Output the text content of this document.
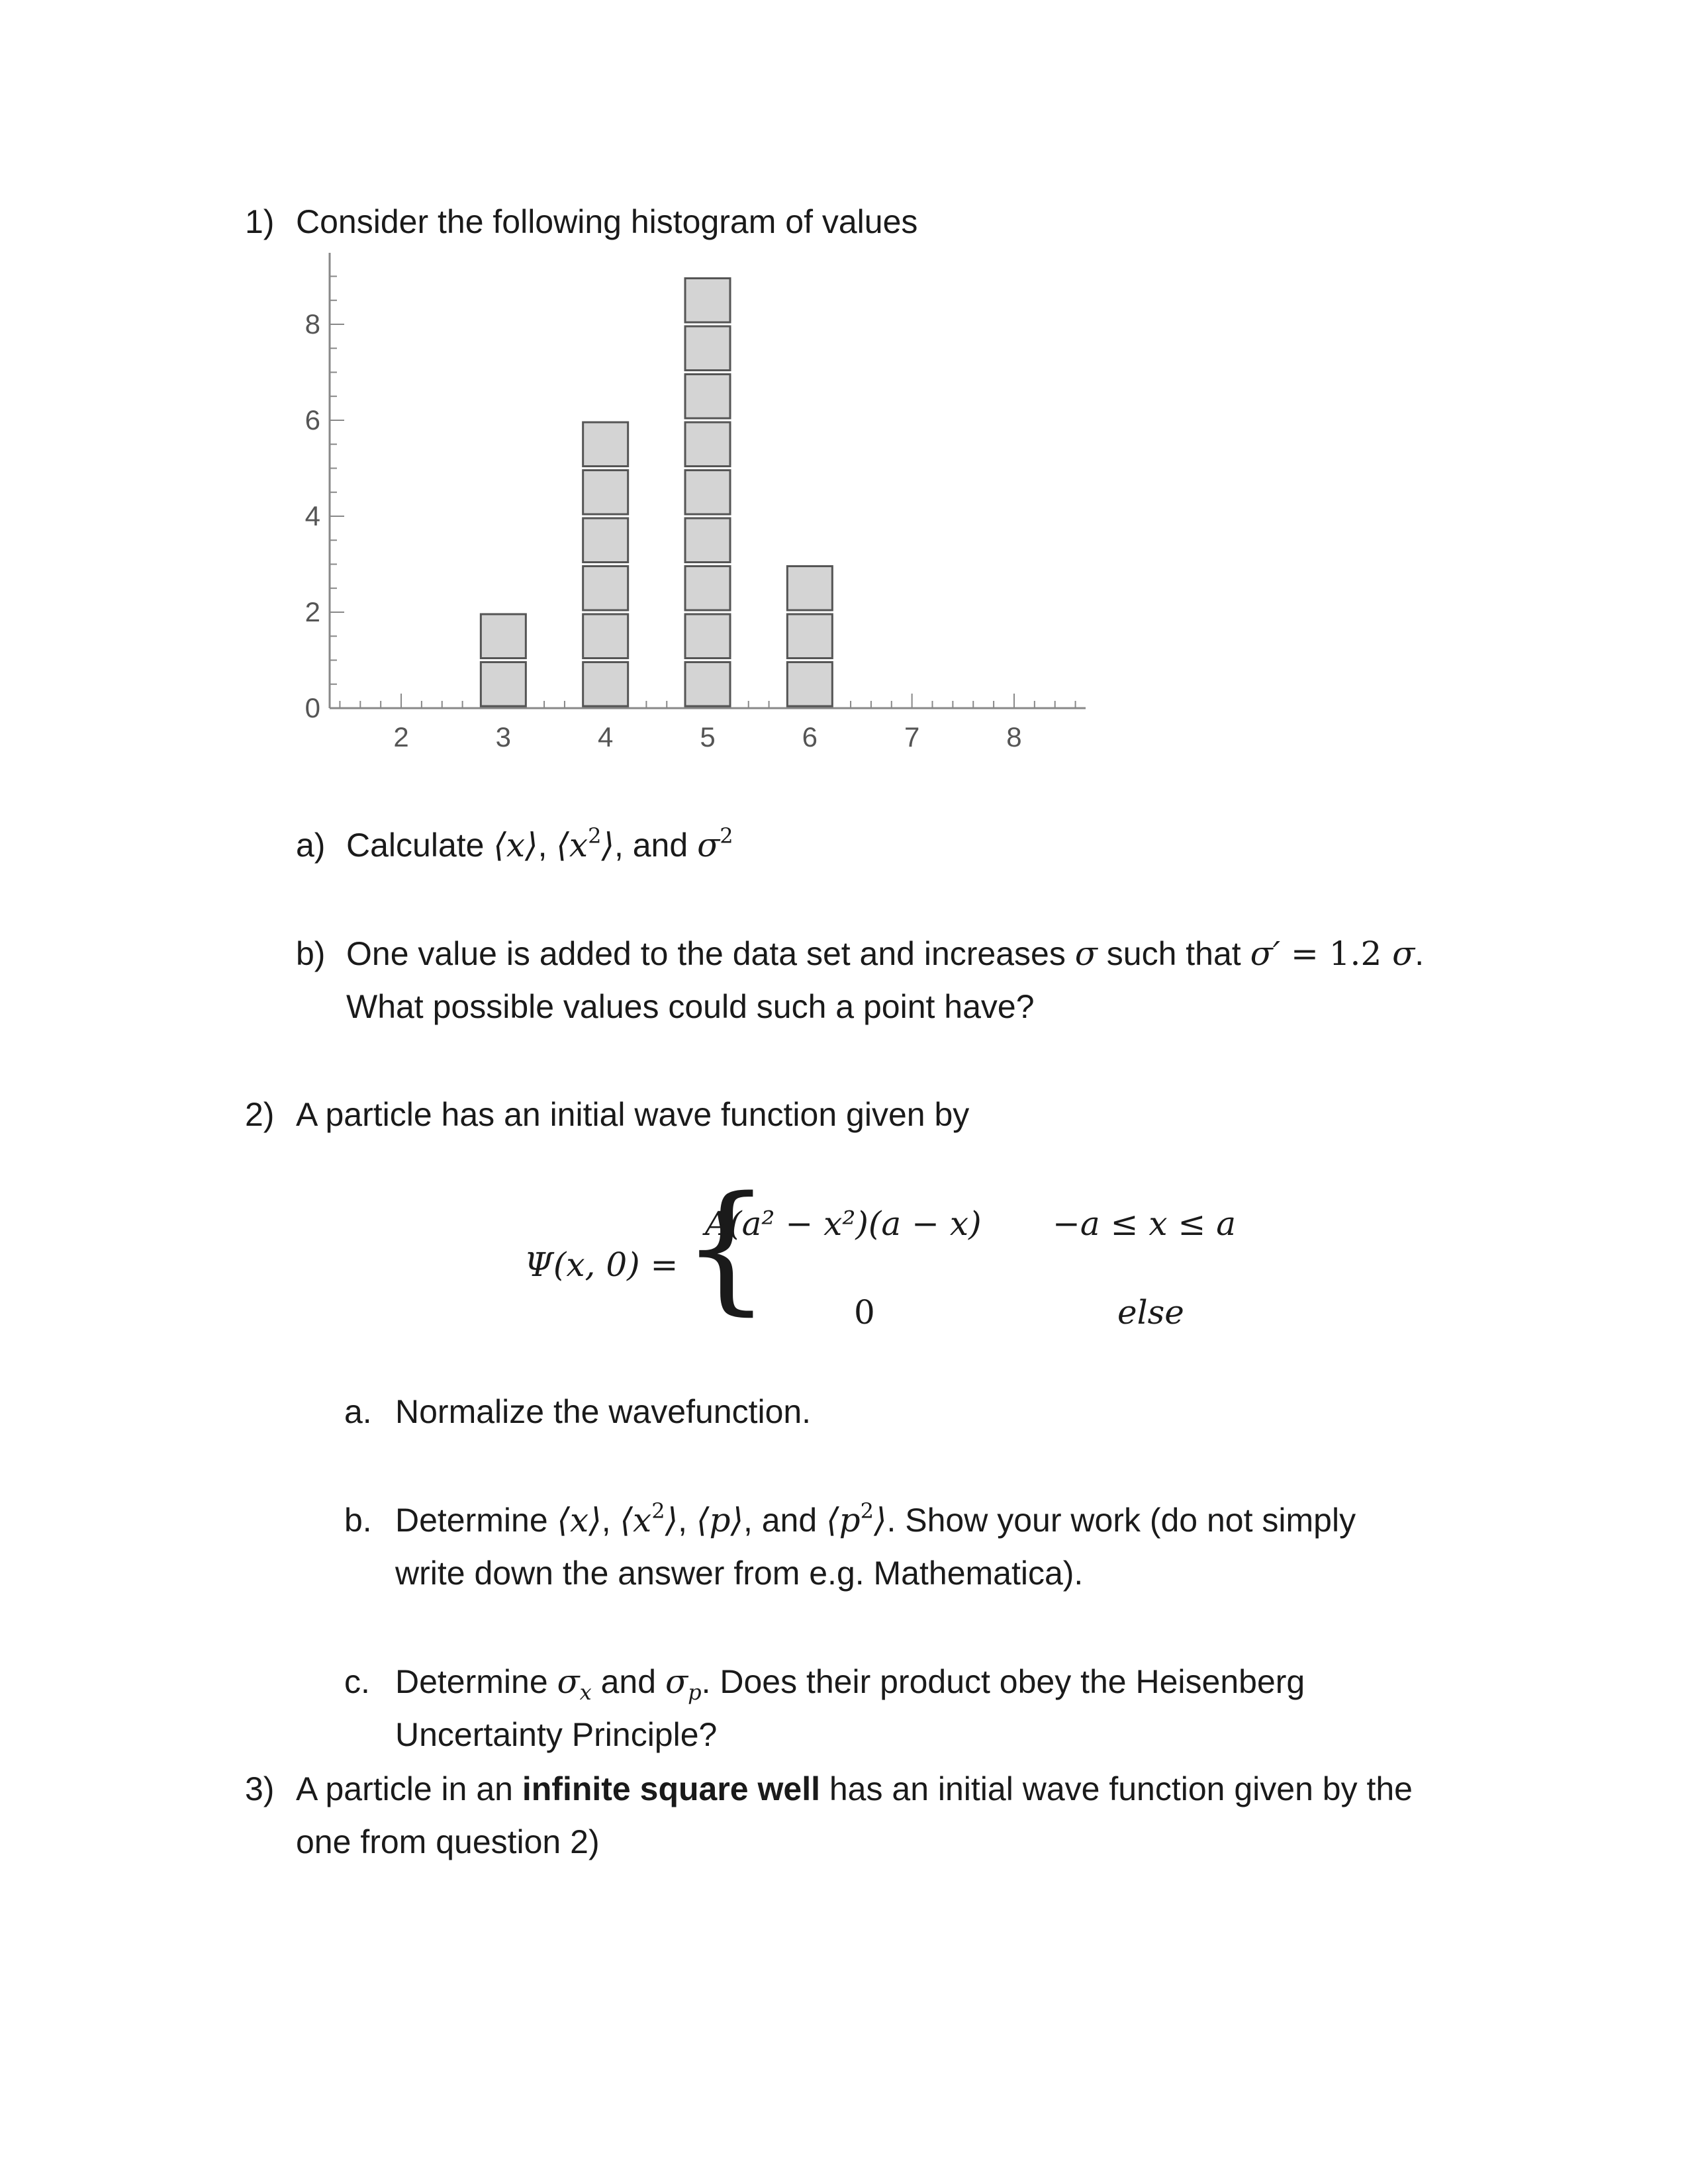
1) Consider the following histogram of values
0
2
4
6
8
2	3	4	5	6	7	8
a) Calculate ⟨x⟩, $⟨x^2⟩$, and $\sigma^2$
b) One value is added to the data set and increases σ such that σ′ = 1.2 σ.
What possible values could such a point have?
2) A particle has an initial wave function given by
Ψ(x, 0) = {
A(a² − x²)(a − x) −a ≤ x ≤ a
0	else
a. Normalize the wavefunction.
b. Determine ⟨x⟩, $⟨x^2⟩$, ⟨p⟩, and $⟨p^2⟩$. Show your work (do not simply
write down the answer from e.g. Mathematica).
c. Determine $\sigma_x$ and $\sigma_p$. Does their product obey the Heisenberg
Uncertainty Principle?
3) A particle in an infinite square well has an initial wave function given by the
one from question 2)
